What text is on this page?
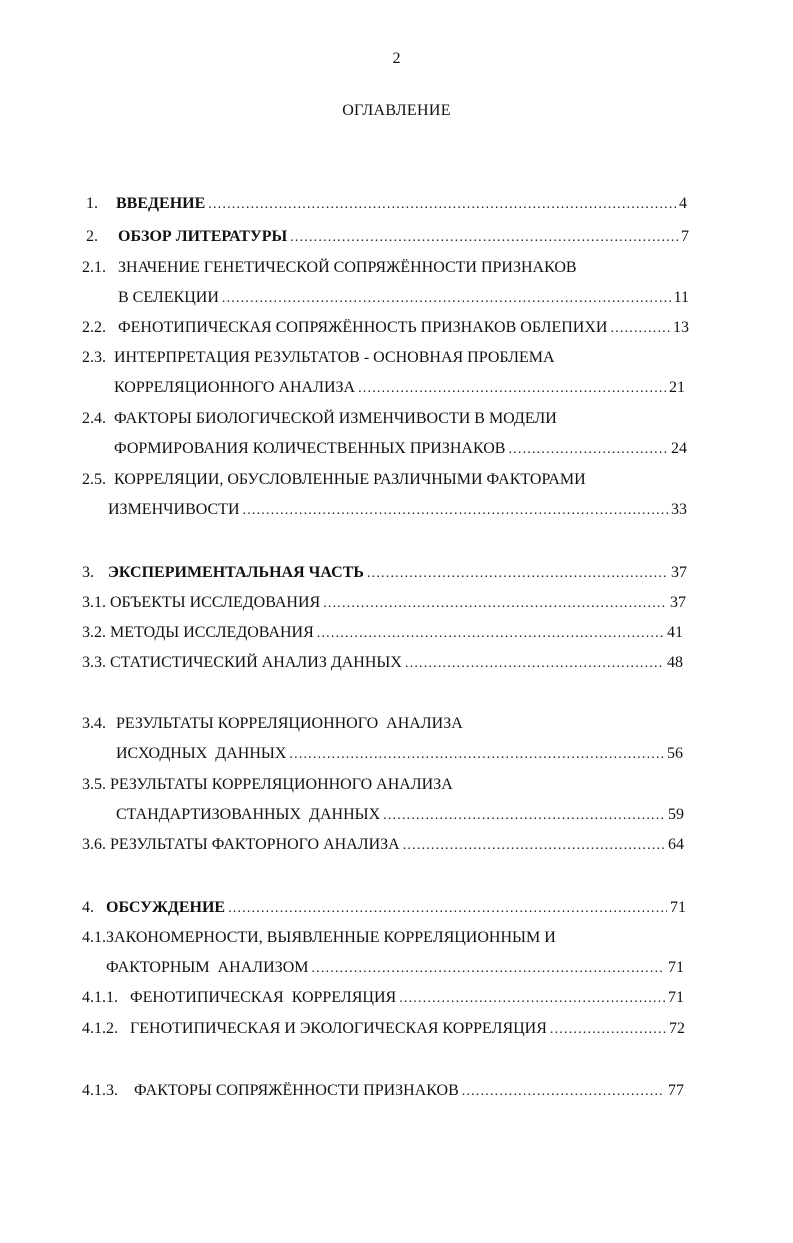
2
ОГЛАВЛЕНИЕ
1.	ВВЕДЕНИЕ .....	4
2.	ОБЗОР ЛИТЕРАТУРЫ .....	7
2.1. ЗНАЧЕНИЕ ГЕНЕТИЧЕСКОЙ СОПРЯЖЁННОСТИ ПРИЗНАКОВ
В СЕЛЕКЦИИ .....	11
2.2. ФЕНОТИПИЧЕСКАЯ СОПРЯЖЁННОСТЬ ПРИЗНАКОВ ОБЛЕПИХИ .....	13
2.3. ИНТЕРПРЕТАЦИЯ РЕЗУЛЬТАТОВ - ОСНОВНАЯ ПРОБЛЕМА
КОРРЕЛЯЦИОННОГО АНАЛИЗА .....	21
2.4. ФАКТОРЫ БИОЛОГИЧЕСКОЙ ИЗМЕНЧИВОСТИ В МОДЕЛИ
ФОРМИРОВАНИЯ КОЛИЧЕСТВЕННЫХ ПРИЗНАКОВ .....	24
2.5. КОРРЕЛЯЦИИ, ОБУСЛОВЛЕННЫЕ РАЗЛИЧНЫМИ ФАКТОРАМИ
ИЗМЕНЧИВОСТИ .....	33
3. ЭКСПЕРИМЕНТАЛЬНАЯ ЧАСТЬ .....	37
3.1. ОБЪЕКТЫ ИССЛЕДОВАНИЯ .....	37
3.2. МЕТОДЫ ИССЛЕДОВАНИЯ .....	41
3.3. СТАТИСТИЧЕСКИЙ АНАЛИЗ ДАННЫХ .....	48
3.4. РЕЗУЛЬТАТЫ КОРРЕЛЯЦИОННОГО  АНАЛИЗА
ИСХОДНЫХ  ДАННЫХ .....	56
3.5. РЕЗУЛЬТАТЫ КОРРЕЛЯЦИОННОГО АНАЛИЗА
СТАНДАРТИЗОВАННЫХ  ДАННЫХ .....	59
3.6. РЕЗУЛЬТАТЫ ФАКТОРНОГО АНАЛИЗА .....	64
4. ОБСУЖДЕНИЕ .....	71
4.1. ЗАКОНОМЕРНОСТИ, ВЫЯВЛЕННЫЕ КОРРЕЛЯЦИОННЫМ И
ФАКТОРНЫМ  АНАЛИЗОМ .....	71
4.1.1. ФЕНОТИПИЧЕСКАЯ  КОРРЕЛЯЦИЯ .....	71
4.1.2. ГЕНОТИПИЧЕСКАЯ И ЭКОЛОГИЧЕСКАЯ КОРРЕЛЯЦИЯ .....	72
4.1.3.	ФАКТОРЫ СОПРЯЖЁННОСТИ ПРИЗНАКОВ .....	77
